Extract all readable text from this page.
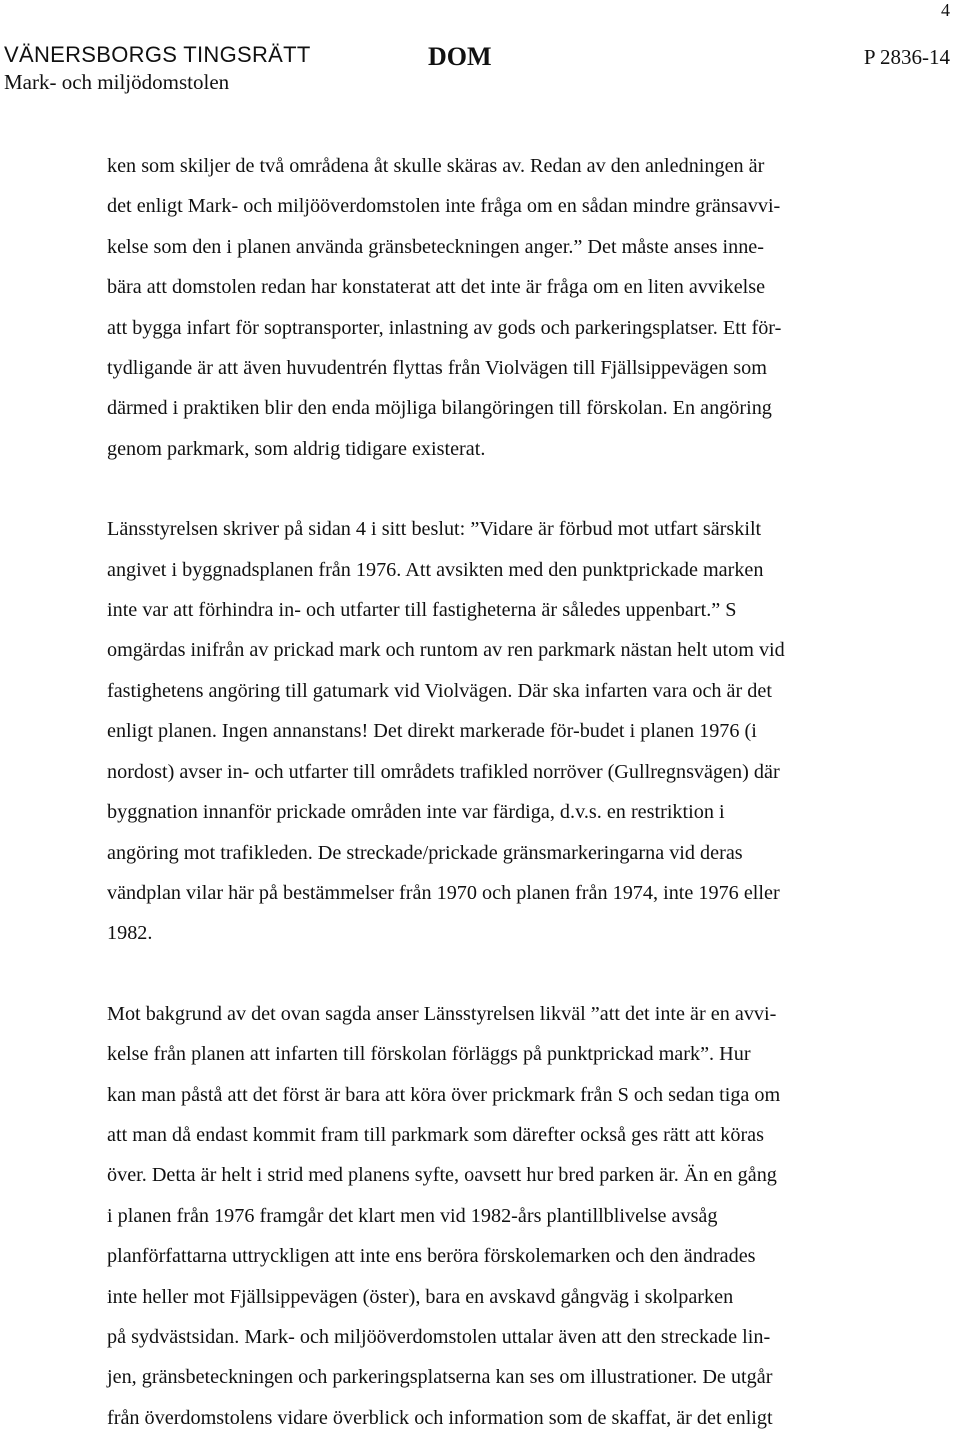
4
VÄNERSBORGS TINGSRÄTT
Mark- och miljödomstolen
DOM	P 2836-14

ken som skiljer de två områdena åt skulle skäras av. Redan av den anledningen är
det enligt Mark- och miljööverdomstolen inte fråga om en sådan mindre gränsavvi-
kelse som den i planen använda gränsbeteckningen anger.” Det måste anses inne-
bära att domstolen redan har konstaterat att det inte är fråga om en liten avvikelse
att bygga infart för soptransporter, inlastning av gods och parkeringsplatser. Ett för-
tydligande är att även huvudentrén flyttas från Violvägen till Fjällsippevägen som
därmed i praktiken blir den enda möjliga bilangöringen till förskolan. En angöring
genom parkmark, som aldrig tidigare existerat.

Länsstyrelsen skriver på sidan 4 i sitt beslut: ”Vidare är förbud mot utfart särskilt
angivet i byggnadsplanen från 1976. Att avsikten med den punktprickade marken
inte var att förhindra in- och utfarter till fastigheterna är således uppenbart.” S
omgärdas inifrån av prickad mark och runtom av ren parkmark nästan helt utom vid
fastighetens angöring till gatumark vid Violvägen. Där ska infarten vara och är det
enligt planen. Ingen annanstans! Det direkt markerade för-budet i planen 1976 (i
nordost) avser in- och utfarter till områdets trafikled norröver (Gullregnsvägen) där
byggnation innanför prickade områden inte var färdiga, d.v.s. en restriktion i
angöring mot trafikleden. De streckade/prickade gränsmarkeringarna vid deras
vändplan vilar här på bestämmelser från 1970 och planen från 1974, inte 1976 eller
1982.

Mot bakgrund av det ovan sagda anser Länsstyrelsen likväl ”att det inte är en avvi-
kelse från planen att infarten till förskolan förläggs på punktprickad mark”. Hur
kan man påstå att det först är bara att köra över prickmark från S och sedan tiga om
att man då endast kommit fram till parkmark som därefter också ges rätt att köras
över. Detta är helt i strid med planens syfte, oavsett hur bred parken är. Än en gång
i planen från 1976 framgår det klart men vid 1982-års plantillblivelse avsåg
planförfattarna uttryckligen att inte ens beröra förskolemarken och den ändrades
inte heller mot Fjällsippevägen (öster), bara en avskavd gångväg i skolparken
på sydvästsidan. Mark- och miljööverdomstolen uttalar även att den streckade lin-
jen, gränsbeteckningen och parkeringsplatserna kan ses om illustrationer. De utgår
från överdomstolens vidare överblick och information som de skaffat, är det enligt
